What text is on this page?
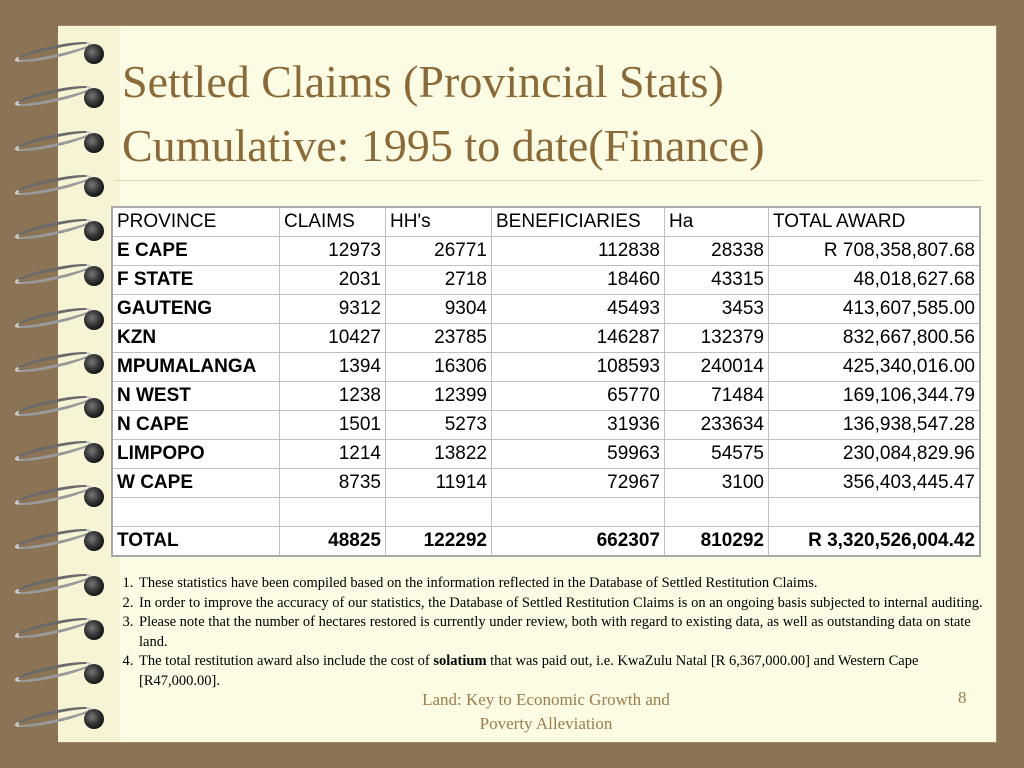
Settled Claims (Provincial Stats)
Cumulative: 1995 to date(Finance)
PROVINCE	CLAIMS	HH's	BENEFICIARIES	Ha	TOTAL AWARD
E CAPE	12973	26771	112838	28338	R 708,358,807.68
F STATE	2031	2718	18460	43315	48,018,627.68
GAUTENG	9312	9304	45493	3453	413,607,585.00
KZN	10427	23785	146287	132379	832,667,800.56
MPUMALANGA	1394	16306	108593	240014	425,340,016.00
N WEST	1238	12399	65770	71484	169,106,344.79
N CAPE	1501	5273	31936	233634	136,938,547.28
LIMPOPO	1214	13822	59963	54575	230,084,829.96
W CAPE	8735	11914	72967	3100	356,403,445.47

TOTAL	48825	122292	662307	810292	R 3,320,526,004.42
1. These statistics have been compiled based on the information reflected in the Database of Settled Restitution Claims.
2. In order to improve the accuracy of our statistics, the Database of Settled Restitution Claims is on an ongoing basis subjected to internal auditing.
3. Please note that the number of hectares restored is currently under review, both with regard to existing data, as well as outstanding data on state land.
4. The total restitution award also include the cost of solatium that was paid out, i.e. KwaZulu Natal [R 6,367,000.00] and Western Cape [R47,000.00].
Land: Key to Economic Growth and Poverty Alleviation
8
